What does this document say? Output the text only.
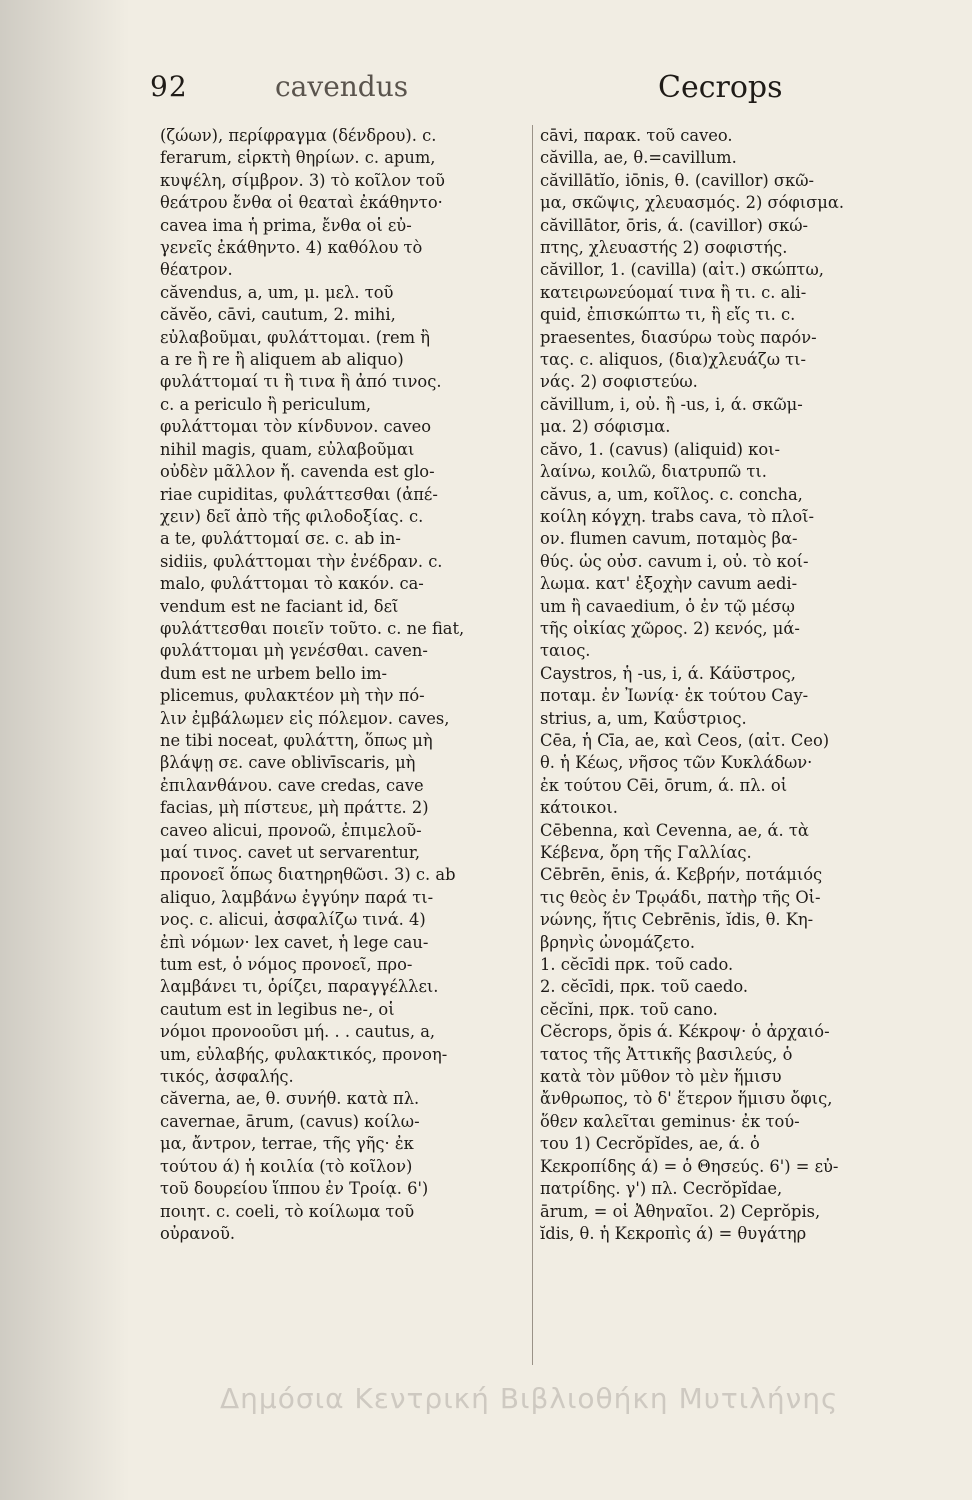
92	cavendus	Cecrops
(ζώων), περίφραγμα (δένδρου). c.
ferarum, εἱρκτὴ θηρίων. c. apum,
κυψέλη, σίμβρον. 3) τὸ κοῖλον τοῦ
θεάτρου ἔνθα οἱ θεαταὶ ἐκάθηντο·
cavea ima ἡ prima, ἔνθα οἱ εὐ-
γενεῖς ἐκάθηντο. 4) καθόλου τὸ
θέατρον.
căvendus, a, um, μ. μελ. τοῦ
căvĕo, cāvi, cautum, 2. mihi,
εὐλαβοῦμαι, φυλάττομαι. (rem ἢ
a re ἢ re ἢ aliquem ab aliquo)
φυλάττομαί τι ἢ τινα ἢ ἀπό τινος.
c. a periculo ἢ periculum,
φυλάττομαι τὸν κίνδυνον. caveo
nihil magis, quam, εὐλαβοῦμαι
οὐδὲν μᾶλλον ἤ. cavenda est glo-
riae cupiditas, φυλάττεσθαι (ἀπέ-
χειν) δεῖ ἀπὸ τῆς φιλοδοξίας. c.
a te, φυλάττομαί σε. c. ab in-
sidiis, φυλάττομαι τὴν ἐνέδραν. c.
malo, φυλάττομαι τὸ κακόν. ca-
vendum est ne faciant id, δεῖ
φυλάττεσθαι ποιεῖν τοῦτο. c. ne fiat,
φυλάττομαι μὴ γενέσθαι. caven-
dum est ne urbem bello im-
plicemus, φυλακτέον μὴ τὴν πό-
λιν ἐμβάλωμεν εἰς πόλεμον. caves,
ne tibi noceat, φυλάττη, ὅπως μὴ
βλάψῃ σε. cave oblivīscaris, μὴ
ἐπιλανθάνου. cave credas, cave
facias, μὴ πίστευε, μὴ πράττε. 2)
caveo alicui, προνοῶ, ἐπιμελοῦ-
μαί τινος. cavet ut servarentur,
προνοεῖ ὅπως διατηρηθῶσι. 3) c. ab
aliquo, λαμβάνω ἐγγύην παρά τι-
νος. c. alicui, ἀσφαλίζω τινά. 4)
ἐπὶ νόμων· lex cavet, ἡ lege cau-
tum est, ὁ νόμος προνοεῖ, προ-
λαμβάνει τι, ὁρίζει, παραγγέλλει.
cautum est in legibus ne-, οἱ
νόμοι προνοοῦσι μή. . . cautus, a,
um, εὐλαβής, φυλακτικός, προνοη-
τικός, ἀσφαλής.
căverna, ae, θ. συνήθ. κατὰ πλ.
cavernae, ārum, (cavus) κοίλω-
μα, ἄντρον, terrae, τῆς γῆς· ἐκ
τούτου ά) ἡ κοιλία (τὸ κοῖλον)
τοῦ δουρείου ἵππου ἐν Τροίᾳ. 6')
ποιητ. c. coeli, τὸ κοίλωμα τοῦ
οὐρανοῦ.
cāvi, παρακ. τοῦ caveo.
căvilla, ae, θ.=cavillum.
căvillātĭo, iōnis, θ. (cavillor) σκῶ-
μα, σκῶψις, χλευασμός. 2) σόφισμα.
căvillātor, ōris, ά. (cavillor) σκώ-
πτης, χλευαστής 2) σοφιστής.
căvillor, 1. (cavilla) (αἰτ.) σκώπτω,
κατειρωνεύομαί τινα ἢ τι. c. ali-
quid, ἐπισκώπτω τι, ἢ εἴς τι. c.
praesentes, διασύρω τοὺς παρόν-
τας. c. aliquos, (δια)χλευάζω τι-
νάς. 2) σοφιστεύω.
căvillum, i, οὐ. ἢ -us, i, ά. σκῶμ-
μα. 2) σόφισμα.
căvo, 1. (cavus) (aliquid) κοι-
λαίνω, κοιλῶ, διατρυπῶ τι.
căvus, a, um, κοῖλος. c. concha,
κοίλη κόγχη. trabs cava, τὸ πλοῖ-
ον. flumen cavum, ποταμὸς βα-
θύς. ὡς οὐσ. cavum i, οὐ. τὸ κοί-
λωμα. κατ' ἐξοχὴν cavum aedi-
um ἢ cavaedium, ὁ ἐν τῷ μέσῳ
τῆς οἰκίας χῶρος. 2) κενός, μά-
ταιος.
Caystros, ἡ -us, i, ά. Κάϋστρος,
ποταμ. ἐν Ἰωνίᾳ· ἐκ τούτου Cay-
strius, a, um, Καΰστριος.
Cēa, ἡ Cīa, ae, καὶ Ceos, (αἰτ. Ceo)
θ. ἡ Κέως, νῆσος τῶν Κυκλάδων·
ἐκ τούτου Cēi, ōrum, ά. πλ. οἱ
κάτοικοι.
Cēbenna, καὶ Cevenna, ae, ά. τὰ
Κέβενα, ὄρη τῆς Γαλλίας.
Cēbrēn, ēnis, ά. Κεβρήν, ποτάμιός
τις θεὸς ἐν Τρῳάδι, πατὴρ τῆς Οἰ-
νώνης, ἥτις Cebrēnis, ĭdis, θ. Κη-
βρηνὶς ὠνομάζετο.
1. cĕcīdi πρκ. τοῦ cado.
2. cĕcīdi, πρκ. τοῦ caedo.
cĕcĭni, πρκ. τοῦ cano.
Cĕcrops, ŏpis ά. Κέκροψ· ὁ ἀρχαιό-
τατος τῆς Ἀττικῆς βασιλεύς, ὁ
κατὰ τὸν μῦθον τὸ μὲν ἥμισυ
ἄνθρωπος, τὸ δ' ἕτερον ἥμισυ ὄφις,
ὅθεν καλεῖται geminus· ἐκ τού-
του 1) Cecrŏpĭdes, ae, ά. ὁ
Κεκροπίδης ά) = ὁ Θησεύς. 6') = εὐ-
πατρίδης. γ') πλ. Cecrŏpĭdae,
ārum, = οἱ Ἀθηναῖοι. 2) Ceprŏpis,
ĭdis, θ. ἡ Κεκροπὶς ά) = θυγάτηρ
Δημόσια Κεντρική Βιβλιοθήκη Μυτιλήνης
